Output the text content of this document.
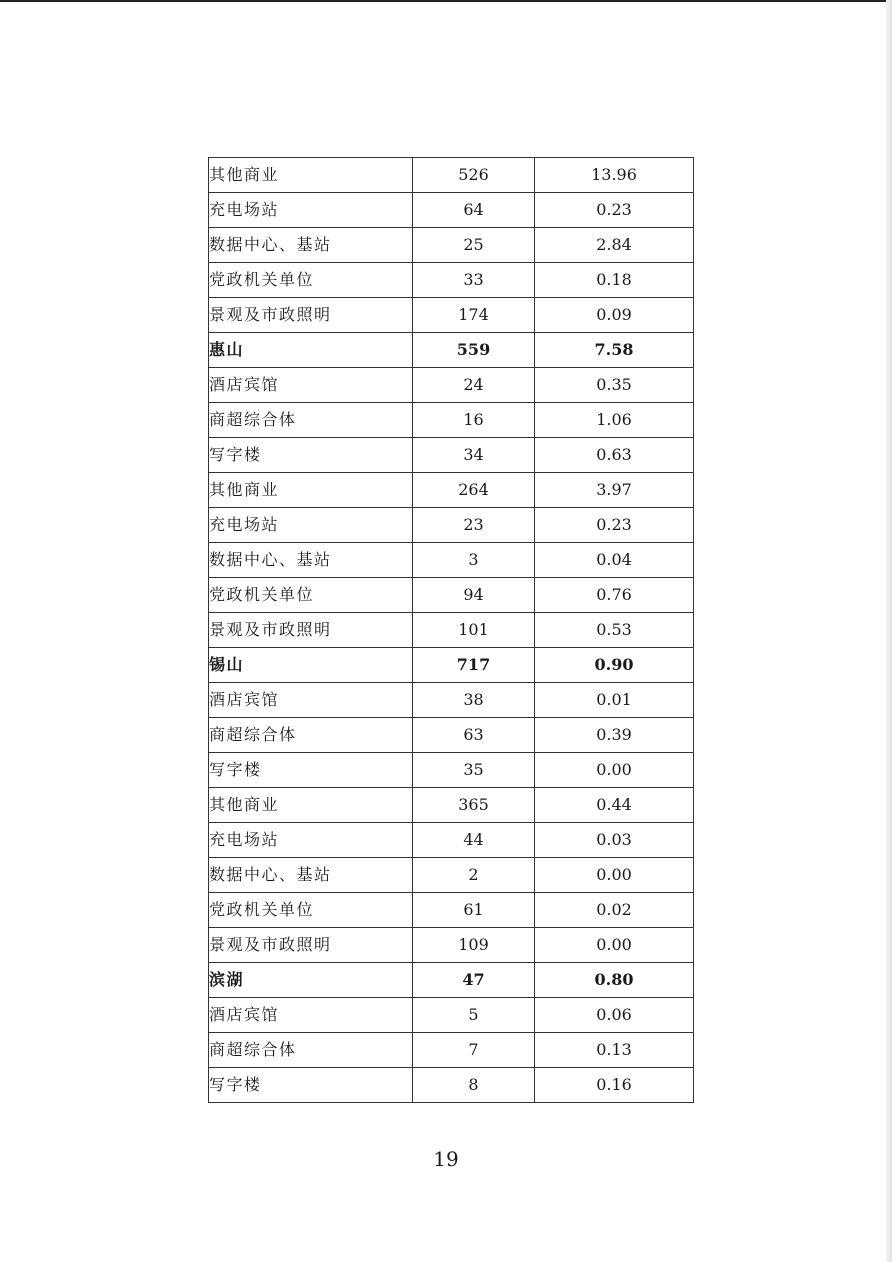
其他商业	526	13.96
充电场站	64	0.23
数据中心、基站	25	2.84
党政机关单位	33	0.18
景观及市政照明	174	0.09
惠山	559	7.58
酒店宾馆	24	0.35
商超综合体	16	1.06
写字楼	34	0.63
其他商业	264	3.97
充电场站	23	0.23
数据中心、基站	3	0.04
党政机关单位	94	0.76
景观及市政照明	101	0.53
锡山	717	0.90
酒店宾馆	38	0.01
商超综合体	63	0.39
写字楼	35	0.00
其他商业	365	0.44
充电场站	44	0.03
数据中心、基站	2	0.00
党政机关单位	61	0.02
景观及市政照明	109	0.00
滨湖	47	0.80
酒店宾馆	5	0.06
商超综合体	7	0.13
写字楼	8	0.16
19
